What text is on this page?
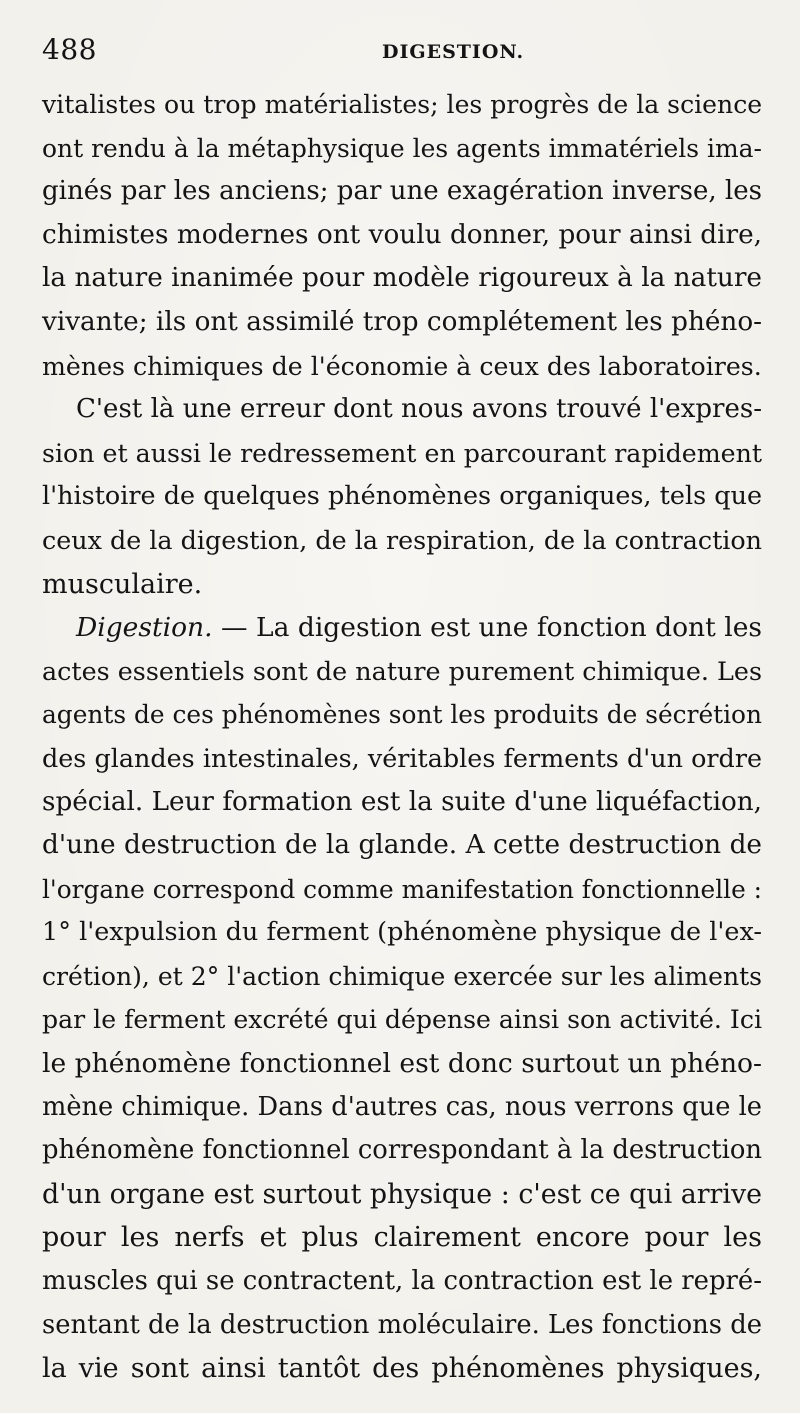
488	DIGESTION.
vitalistes ou trop matérialistes; les progrès de la science
ont rendu à la métaphysique les agents immatériels ima-
ginés par les anciens; par une exagération inverse, les
chimistes modernes ont voulu donner, pour ainsi dire,
la nature inanimée pour modèle rigoureux à la nature
vivante; ils ont assimilé trop complétement les phéno-
mènes chimiques de l'économie à ceux des laboratoires.
C'est là une erreur dont nous avons trouvé l'expres-
sion et aussi le redressement en parcourant rapidement
l'histoire de quelques phénomènes organiques, tels que
ceux de la digestion, de la respiration, de la contraction
musculaire.
Digestion. — La digestion est une fonction dont les
actes essentiels sont de nature purement chimique. Les
agents de ces phénomènes sont les produits de sécrétion
des glandes intestinales, véritables ferments d'un ordre
spécial. Leur formation est la suite d'une liquéfaction,
d'une destruction de la glande. A cette destruction de
l'organe correspond comme manifestation fonctionnelle :
1° l'expulsion du ferment (phénomène physique de l'ex-
crétion), et 2° l'action chimique exercée sur les aliments
par le ferment excrété qui dépense ainsi son activité. Ici
le phénomène fonctionnel est donc surtout un phéno-
mène chimique. Dans d'autres cas, nous verrons que le
phénomène fonctionnel correspondant à la destruction
d'un organe est surtout physique : c'est ce qui arrive
pour les nerfs et plus clairement encore pour les
muscles qui se contractent, la contraction est le repré-
sentant de la destruction moléculaire. Les fonctions de
la vie sont ainsi tantôt des phénomènes physiques,
